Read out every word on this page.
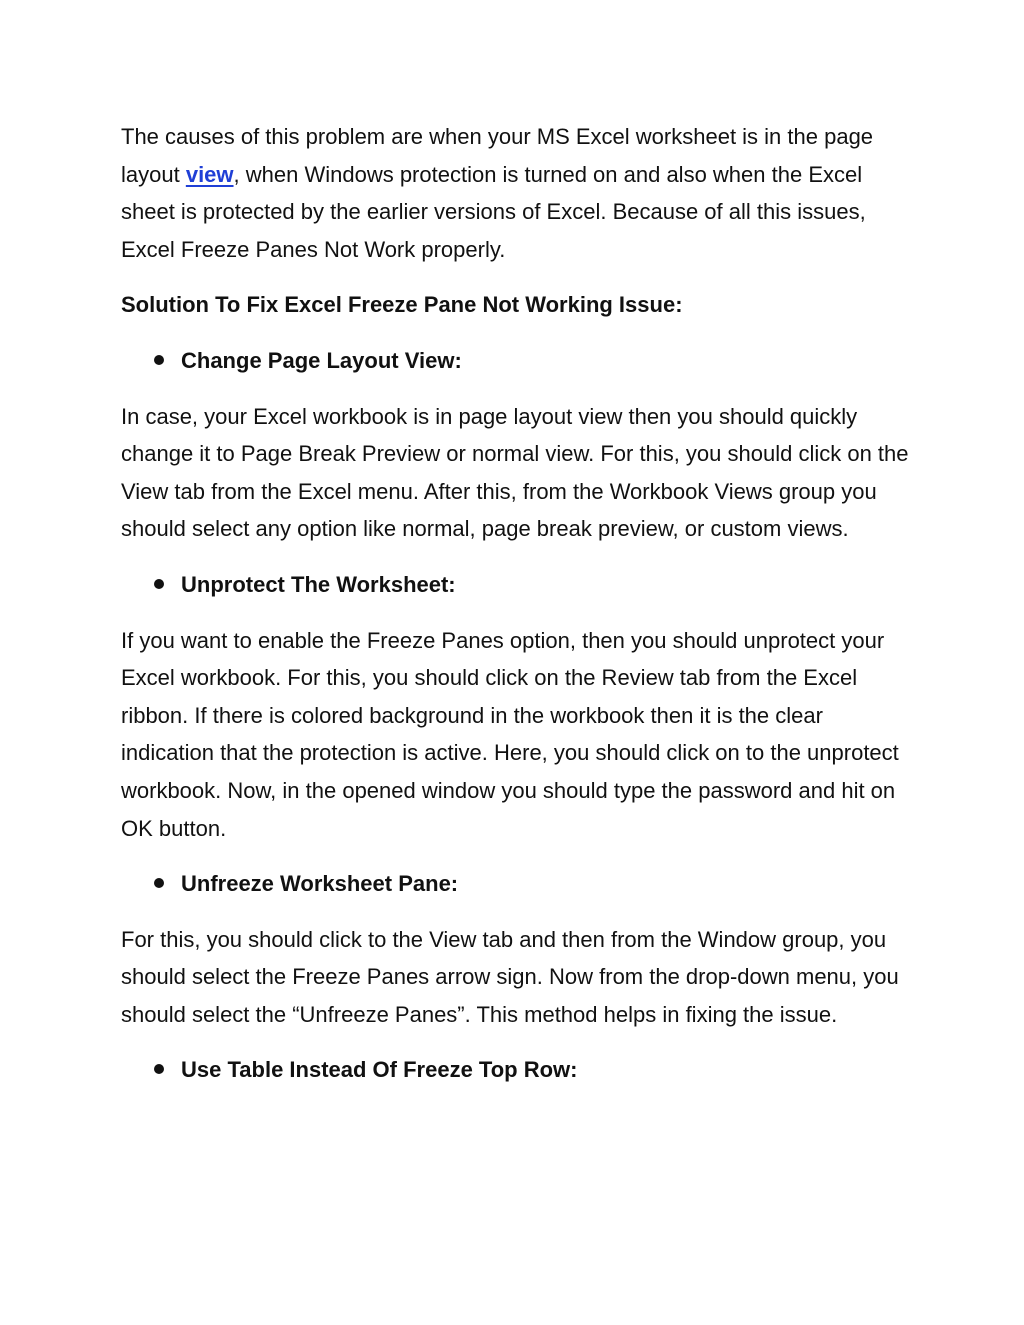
The causes of this problem are when your MS Excel worksheet is in the page layout view, when Windows protection is turned on and also when the Excel sheet is protected by the earlier versions of Excel. Because of all this issues, Excel Freeze Panes Not Work properly.

Solution To Fix Excel Freeze Pane Not Working Issue:

Change Page Layout View:

In case, your Excel workbook is in page layout view then you should quickly change it to Page Break Preview or normal view. For this, you should click on the View tab from the Excel menu. After this, from the Workbook Views group you should select any option like normal, page break preview, or custom views.

Unprotect The Worksheet:

If you want to enable the Freeze Panes option, then you should unprotect your Excel workbook. For this, you should click on the Review tab from the Excel ribbon. If there is colored background in the workbook then it is the clear indication that the protection is active. Here, you should click on to the unprotect workbook. Now, in the opened window you should type the password and hit on OK button.

Unfreeze Worksheet Pane:

For this, you should click to the View tab and then from the Window group, you should select the Freeze Panes arrow sign. Now from the drop-down menu, you should select the “Unfreeze Panes”. This method helps in fixing the issue.

Use Table Instead Of Freeze Top Row:
